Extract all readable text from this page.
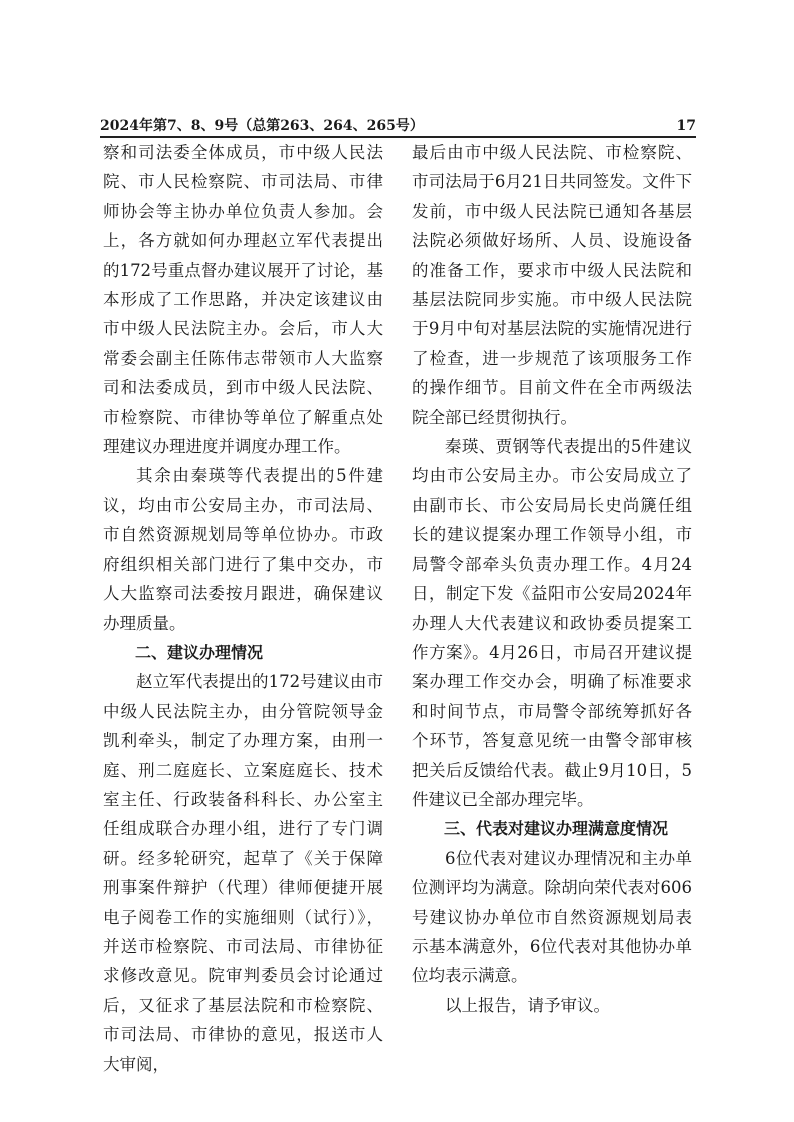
2024年第7、8、9号（总第263、264、265号）	17

察和司法委全体成员，市中级人民法院、市人民检察院、市司法局、市律师协会等主协办单位负责人参加。会上，各方就如何办理赵立军代表提出的172号重点督办建议展开了讨论，基本形成了工作思路，并决定该建议由市中级人民法院主办。会后，市人大常委会副主任陈伟志带领市人大监察司和法委成员，到市中级人民法院、市检察院、市律协等单位了解重点处理建议办理进度并调度办理工作。

其余由秦瑛等代表提出的5件建议，均由市公安局主办，市司法局、市自然资源规划局等单位协办。市政府组织相关部门进行了集中交办，市人大监察司法委按月跟进，确保建议办理质量。

二、建议办理情况

赵立军代表提出的172号建议由市中级人民法院主办，由分管院领导金凯利牵头，制定了办理方案，由刑一庭、刑二庭庭长、立案庭庭长、技术室主任、行政装备科科长、办公室主任组成联合办理小组，进行了专门调研。经多轮研究，起草了《关于保障刑事案件辩护（代理）律师便捷开展电子阅卷工作的实施细则（试行）》，并送市检察院、市司法局、市律协征求修改意见。院审判委员会讨论通过后，又征求了基层法院和市检察院、市司法局、市律协的意见，报送市人大审阅，

最后由市中级人民法院、市检察院、市司法局于6月21日共同签发。文件下发前，市中级人民法院已通知各基层法院必须做好场所、人员、设施设备的准备工作，要求市中级人民法院和基层法院同步实施。市中级人民法院于9月中旬对基层法院的实施情况进行了检查，进一步规范了该项服务工作的操作细节。目前文件在全市两级法院全部已经贯彻执行。

秦瑛、贾钢等代表提出的5件建议均由市公安局主办。市公安局成立了由副市长、市公安局局长史尚篪任组长的建议提案办理工作领导小组，市局警令部牵头负责办理工作。4月24日，制定下发《益阳市公安局2024年办理人大代表建议和政协委员提案工作方案》。4月26日，市局召开建议提案办理工作交办会，明确了标准要求和时间节点，市局警令部统筹抓好各个环节，答复意见统一由警令部审核把关后反馈给代表。截止9月10日，5件建议已全部办理完毕。

三、代表对建议办理满意度情况

6位代表对建议办理情况和主办单位测评均为满意。除胡向荣代表对606号建议协办单位市自然资源规划局表示基本满意外，6位代表对其他协办单位均表示满意。

以上报告，请予审议。
